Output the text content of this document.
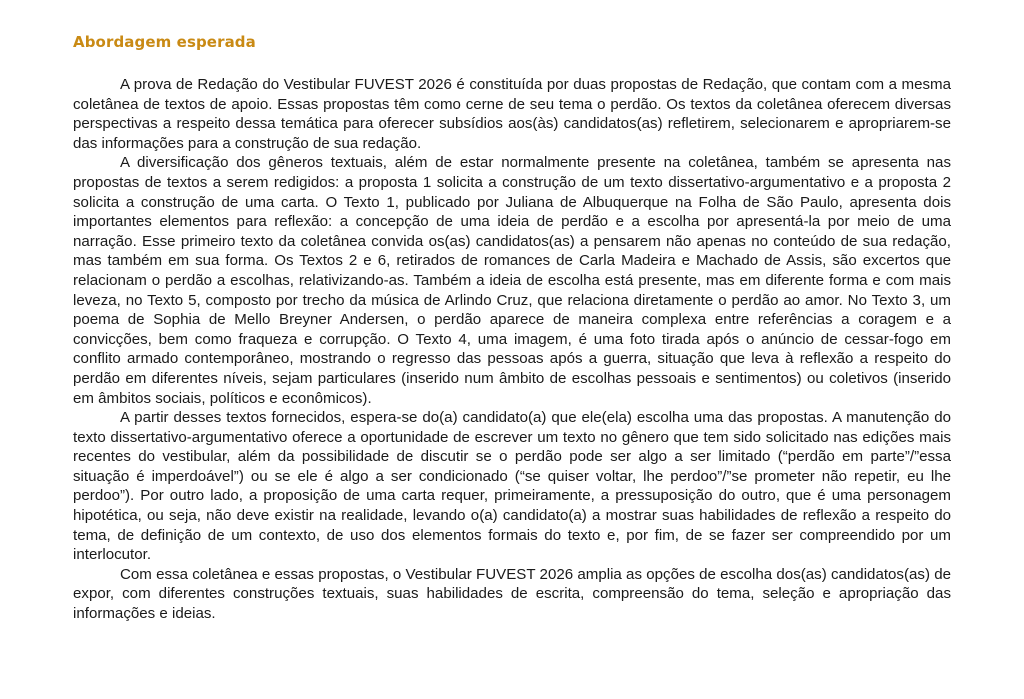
Abordagem esperada

A prova de Redação do Vestibular FUVEST 2026 é constituída por duas propostas de Redação, que contam com a mesma coletânea de textos de apoio. Essas propostas têm como cerne de seu tema o perdão. Os textos da coletânea oferecem diversas perspectivas a respeito dessa temática para oferecer subsídios aos(às) candidatos(as) refletirem, selecionarem e apropriarem-se das informações para a construção de sua redação.

A diversificação dos gêneros textuais, além de estar normalmente presente na coletânea, também se apresenta nas propostas de textos a serem redigidos: a proposta 1 solicita a construção de um texto dissertativo-argumentativo e a proposta 2 solicita a construção de uma carta. O Texto 1, publicado por Juliana de Albuquerque na Folha de São Paulo, apresenta dois importantes elementos para reflexão: a concepção de uma ideia de perdão e a escolha por apresentá-la por meio de uma narração. Esse primeiro texto da coletânea convida os(as) candidatos(as) a pensarem não apenas no conteúdo de sua redação, mas também em sua forma. Os Textos 2 e 6, retirados de romances de Carla Madeira e Machado de Assis, são excertos que relacionam o perdão a escolhas, relativizando-as. Também a ideia de escolha está presente, mas em diferente forma e com mais leveza, no Texto 5, composto por trecho da música de Arlindo Cruz, que relaciona diretamente o perdão ao amor. No Texto 3, um poema de Sophia de Mello Breyner Andersen, o perdão aparece de maneira complexa entre referências a coragem e a convicções, bem como fraqueza e corrupção. O Texto 4, uma imagem, é uma foto tirada após o anúncio de cessar-fogo em conflito armado contemporâneo, mostrando o regresso das pessoas após a guerra, situação que leva à reflexão a respeito do perdão em diferentes níveis, sejam particulares (inserido num âmbito de escolhas pessoais e sentimentos) ou coletivos (inserido em âmbitos sociais, políticos e econômicos).

A partir desses textos fornecidos, espera-se do(a) candidato(a) que ele(ela) escolha uma das propostas. A manutenção do texto dissertativo-argumentativo oferece a oportunidade de escrever um texto no gênero que tem sido solicitado nas edições mais recentes do vestibular, além da possibilidade de discutir se o perdão pode ser algo a ser limitado (“perdão em parte”/”essa situação é imperdoável”) ou se ele é algo a ser condicionado (“se quiser voltar, lhe perdoo”/”se prometer não repetir, eu lhe perdoo”). Por outro lado, a proposição de uma carta requer, primeiramente, a pressuposição do outro, que é uma personagem hipotética, ou seja, não deve existir na realidade, levando o(a) candidato(a) a mostrar suas habilidades de reflexão a respeito do tema, de definição de um contexto, de uso dos elementos formais do texto e, por fim, de se fazer ser compreendido por um interlocutor.

Com essa coletânea e essas propostas, o Vestibular FUVEST 2026 amplia as opções de escolha dos(as) candidatos(as) de expor, com diferentes construções textuais, suas habilidades de escrita, compreensão do tema, seleção e apropriação das informações e ideias.
